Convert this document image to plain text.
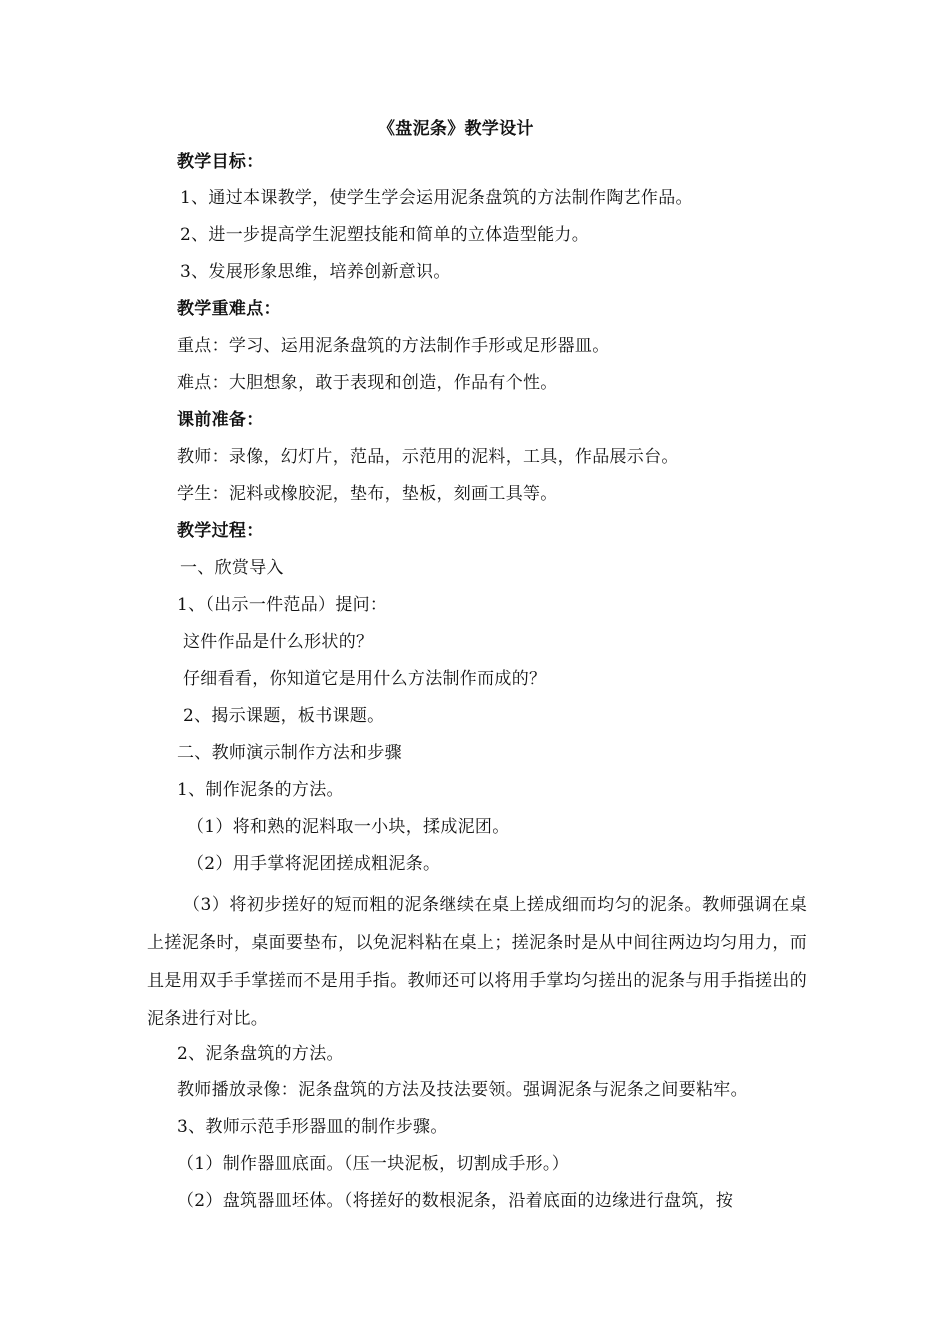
《盘泥条》教学设计
教学目标：
1、通过本课教学，使学生学会运用泥条盘筑的方法制作陶艺作品。
2、进一步提高学生泥塑技能和简单的立体造型能力。
3、发展形象思维，培养创新意识。
教学重难点：
重点：学习、运用泥条盘筑的方法制作手形或足形器皿。
难点：大胆想象，敢于表现和创造，作品有个性。
课前准备：
教师：录像，幻灯片，范品，示范用的泥料，工具，作品展示台。
学生：泥料或橡胶泥，垫布，垫板，刻画工具等。
教学过程：
一、欣赏导入
1、（出示一件范品）提问：
这件作品是什么形状的？
仔细看看，你知道它是用什么方法制作而成的？
2、揭示课题，板书课题。
二、教师演示制作方法和步骤
1、制作泥条的方法。
（1）将和熟的泥料取一小块，揉成泥团。
（2）用手掌将泥团搓成粗泥条。
（3）将初步搓好的短而粗的泥条继续在桌上搓成细而均匀的泥条。教师强调在桌上搓泥条时，桌面要垫布，以免泥料粘在桌上；搓泥条时是从中间往两边均匀用力，而且是用双手手掌搓而不是用手指。教师还可以将用手掌均匀搓出的泥条与用手指搓出的泥条进行对比。
2、泥条盘筑的方法。
教师播放录像：泥条盘筑的方法及技法要领。强调泥条与泥条之间要粘牢。
3、教师示范手形器皿的制作步骤。
（1）制作器皿底面。（压一块泥板，切割成手形。）
（2）盘筑器皿坯体。（将搓好的数根泥条，沿着底面的边缘进行盘筑，按
